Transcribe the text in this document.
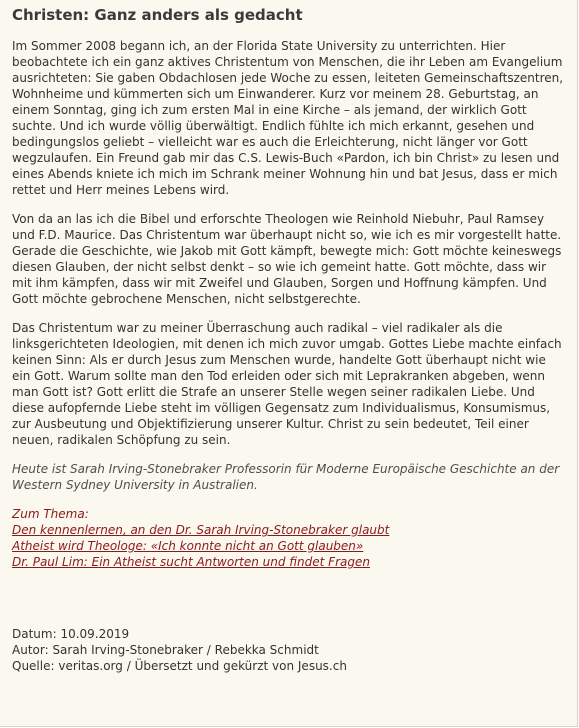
Christen: Ganz anders als gedacht

Im Sommer 2008 begann ich, an der Florida State University zu unterrichten. Hier beobachtete ich ein ganz aktives Christentum von Menschen, die ihr Leben am Evangelium ausrichteten: Sie gaben Obdachlosen jede Woche zu essen, leiteten Gemeinschaftszentren, Wohnheime und kümmerten sich um Einwanderer. Kurz vor meinem 28. Geburtstag, an einem Sonntag, ging ich zum ersten Mal in eine Kirche – als jemand, der wirklich Gott suchte. Und ich wurde völlig überwältigt. Endlich fühlte ich mich erkannt, gesehen und bedingungslos geliebt – vielleicht war es auch die Erleichterung, nicht länger vor Gott wegzulaufen. Ein Freund gab mir das C.S. Lewis-Buch «Pardon, ich bin Christ» zu lesen und eines Abends kniete ich mich im Schrank meiner Wohnung hin und bat Jesus, dass er mich rettet und Herr meines Lebens wird.

Von da an las ich die Bibel und erforschte Theologen wie Reinhold Niebuhr, Paul Ramsey und F.D. Maurice. Das Christentum war überhaupt nicht so, wie ich es mir vorgestellt hatte. Gerade die Geschichte, wie Jakob mit Gott kämpft, bewegte mich: Gott möchte keineswegs diesen Glauben, der nicht selbst denkt – so wie ich gemeint hatte. Gott möchte, dass wir mit ihm kämpfen, dass wir mit Zweifel und Glauben, Sorgen und Hoffnung kämpfen. Und Gott möchte gebrochene Menschen, nicht selbstgerechte.

Das Christentum war zu meiner Überraschung auch radikal – viel radikaler als die linksgerichteten Ideologien, mit denen ich mich zuvor umgab. Gottes Liebe machte einfach keinen Sinn: Als er durch Jesus zum Menschen wurde, handelte Gott überhaupt nicht wie ein Gott. Warum sollte man den Tod erleiden oder sich mit Leprakranken abgeben, wenn man Gott ist? Gott erlitt die Strafe an unserer Stelle wegen seiner radikalen Liebe. Und diese aufopfernde Liebe steht im völligen Gegensatz zum Individualismus, Konsumismus, zur Ausbeutung und Objektifizierung unserer Kultur. Christ zu sein bedeutet, Teil einer neuen, radikalen Schöpfung zu sein.

Heute ist Sarah Irving-Stonebraker Professorin für Moderne Europäische Geschichte an der Western Sydney University in Australien.

Zum Thema:
Den kennenlernen, an den Dr. Sarah Irving-Stonebraker glaubt
Atheist wird Theologe: «Ich konnte nicht an Gott glauben»
Dr. Paul Lim: Ein Atheist sucht Antworten und findet Fragen

Datum: 10.09.2019

Autor: Sarah Irving-Stonebraker / Rebekka Schmidt

Quelle: veritas.org / Übersetzt und gekürzt von Jesus.ch
